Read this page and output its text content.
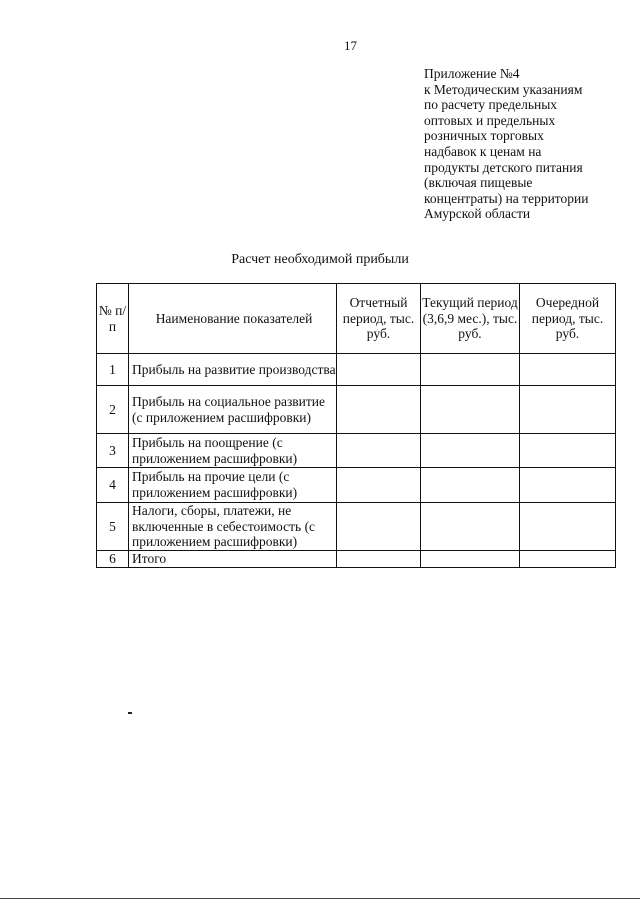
17
Приложение №4
к Методическим указаниям
по расчету предельных
оптовых и предельных
розничных торговых
надбавок к ценам на
продукты детского питания
(включая пищевые
концентраты) на территории
Амурской области
Расчет необходимой прибыли
№ п/п	Наименование показателей	Отчетный период, тыс. руб.	Текущий период (3,6,9 мес.), тыс. руб.	Очередной период, тыс. руб.
1	Прибыль на развитие производства			
2	Прибыль на социальное развитие (с приложением расшифровки)			
3	Прибыль на поощрение (с приложением расшифровки)			
4	Прибыль на прочие цели (с приложением расшифровки)			
5	Налоги, сборы, платежи, не включенные в себестоимость (с приложением расшифровки)			
6	Итого			
